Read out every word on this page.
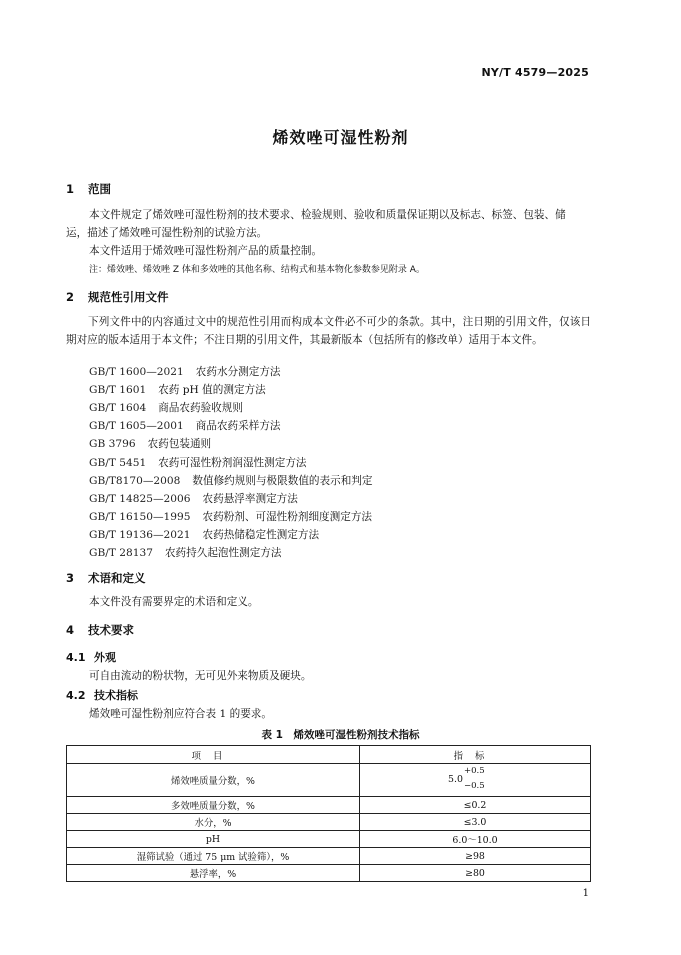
NY/T 4579—2025
烯效唑可湿性粉剂
1 范围
本文件规定了烯效唑可湿性粉剂的技术要求、检验规则、验收和质量保证期以及标志、标签、包装、储
运，描述了烯效唑可湿性粉剂的试验方法。
本文件适用于烯效唑可湿性粉剂产品的质量控制。
注：烯效唑、烯效唑 Z 体和多效唑的其他名称、结构式和基本物化参数参见附录 A。
2 规范性引用文件
下列文件中的内容通过文中的规范性引用而构成本文件必不可少的条款。其中，注日期的引用文件，仅该日期对应的版本适用于本文件；不注日期的引用文件，其最新版本（包括所有的修改单）适用于本文件。
GB/T 1600—2021 农药水分测定方法
GB/T 1601 农药 pH 值的测定方法
GB/T 1604 商品农药验收规则
GB/T 1605—2001 商品农药采样方法
GB 3796 农药包装通则
GB/T 5451 农药可湿性粉剂润湿性测定方法
GB/T8170—2008 数值修约规则与极限数值的表示和判定
GB/T 14825—2006 农药悬浮率测定方法
GB/T 16150—1995 农药粉剂、可湿性粉剂细度测定方法
GB/T 19136—2021 农药热储稳定性测定方法
GB/T 28137 农药持久起泡性测定方法
3 术语和定义
本文件没有需要界定的术语和定义。
4 技术要求
4.1 外观
可自由流动的粉状物，无可见外来物质及硬块。
4.2 技术指标
烯效唑可湿性粉剂应符合表 1 的要求。
表 1　烯效唑可湿性粉剂技术指标
项目	指标
烯效唑质量分数，%	5.0
+0.5
−0.5

多效唑质量分数，%	≤0.2
水分，%	≤3.0
pH	6.0～10.0
湿筛试验（通过 75 μm 试验筛），%	≥98
悬浮率，%	≥80
1
